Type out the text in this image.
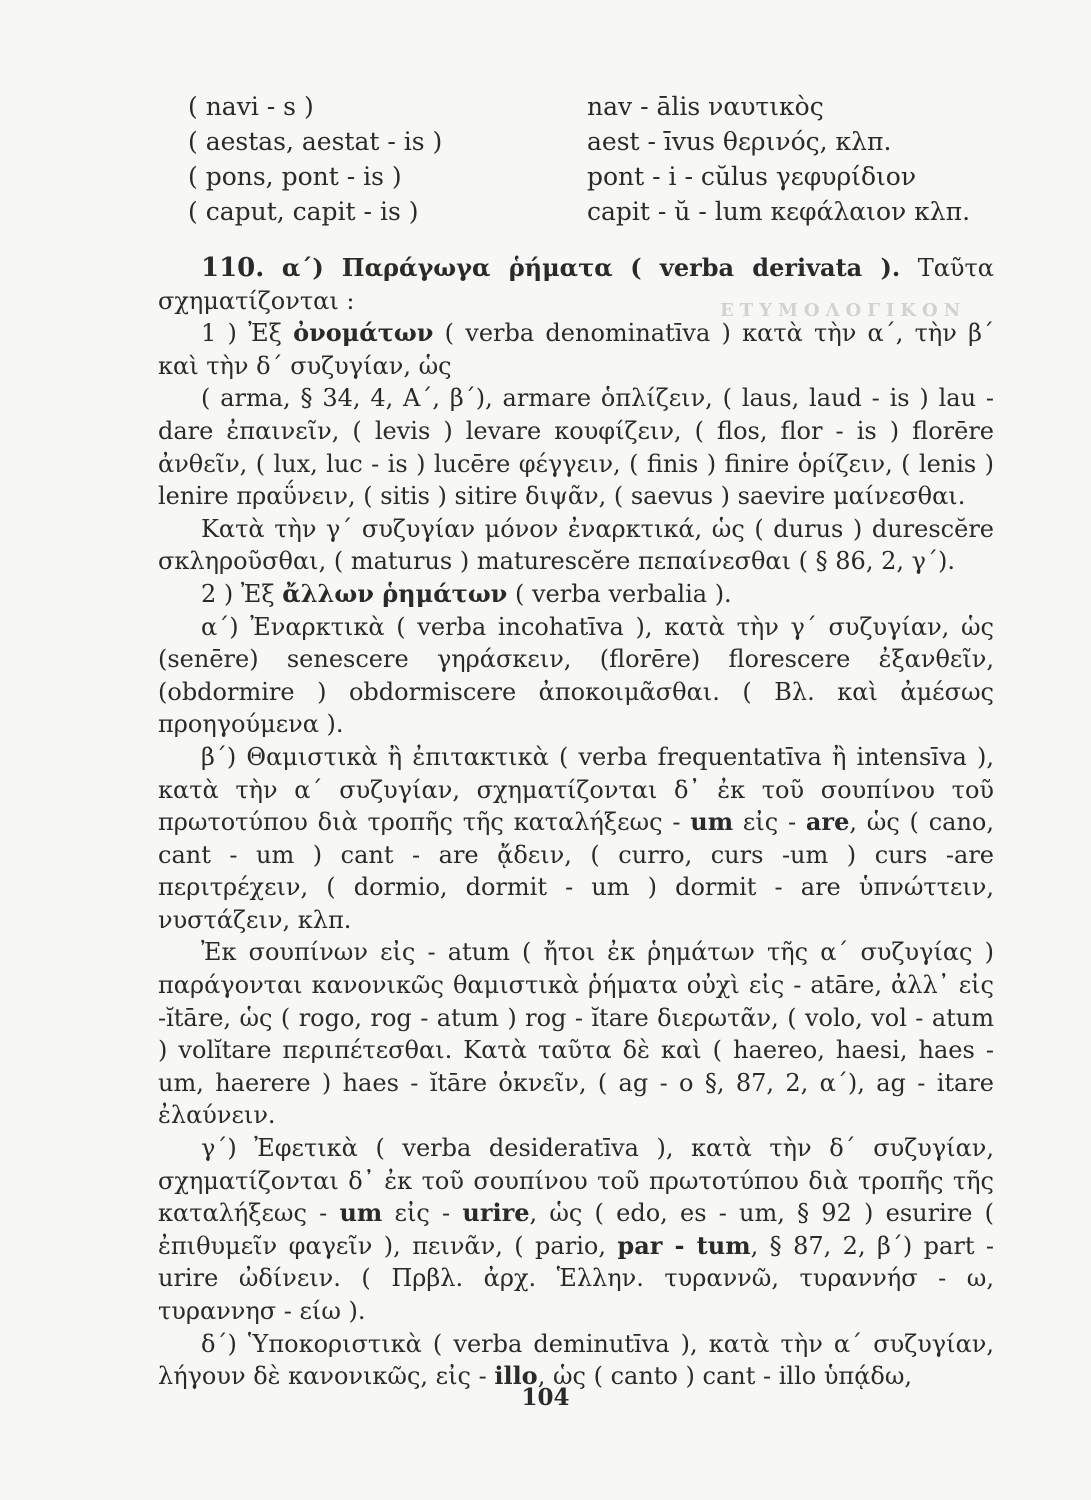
ΕΤΥΜΟΛΟΓΙΚΟΝ
( navi - s )	nav - ālis ναυτικὸς
( aestas, aestat - is )	aest - īvus θερινός, κλπ.
( pons, pont - is )	pont - i - cŭlus γεφυρίδιον
( caput, capit - is )	capit - ŭ - lum κεφάλαιον κλπ.

110. α΄) Παράγωγα ῥήματα ( verba derivata ). Ταῦτα σχηματίζονται :

1 ) Ἐξ ὀνομάτων ( verba denominatīva ) κατὰ τὴν α΄, τὴν β΄ καὶ τὴν δ΄ συζυγίαν, ὡς

( arma, § 34, 4, A΄, β΄), armare ὁπλίζειν, ( laus, laud - is ) lau - dare ἐπαινεῖν, ( levis ) levare κουφίζειν, ( flos, flor - is ) florēre ἀνθεῖν, ( lux, luc - is ) lucēre φέγγειν, ( finis ) finire ὁρίζειν, ( lenis ) lenire πραΰνειν, ( sitis ) sitire διψᾶν, ( saevus ) saevire μαίνεσθαι.

Κατὰ τὴν γ΄ συζυγίαν μόνον ἐναρκτικά, ὡς ( durus ) durescĕre σκληροῦσθαι, ( maturus ) maturescĕre πεπαίνεσθαι ( § 86, 2, γ΄).

2 ) Ἐξ ἄλλων ῥημάτων ( verba verbalia ).

α΄) Ἐναρκτικὰ ( verba incohatīva ), κατὰ τὴν γ΄ συζυγίαν, ὡς (senēre) senescere γηράσκειν, (florēre) florescere ἐξανθεῖν, (obdormire ) obdormiscere ἀποκοιμᾶσθαι. ( Βλ. καὶ ἀμέσως προηγούμενα ).

β΄) Θαμιστικὰ ἢ ἐπιτακτικὰ ( verba frequentatīva ἢ intensīva ), κατὰ τὴν α΄ συζυγίαν, σχηματίζονται δ᾽ ἐκ τοῦ σουπίνου τοῦ πρωτοτύπου διὰ τροπῆς τῆς καταλήξεως - um εἰς - are, ὡς ( cano, cant - um ) cant - are ᾄδειν, ( curro, curs -um ) curs -are περιτρέχειν, ( dormio, dormit - um ) dormit - are ὑπνώττειν, νυστάζειν, κλπ.

Ἐκ σουπίνων εἰς - atum ( ἤτοι ἐκ ῥημάτων τῆς α΄ συζυγίας ) παράγονται κανονικῶς θαμιστικὰ ῥήματα οὐχὶ εἰς - atāre, ἀλλ᾽ εἰς -ĭtāre, ὡς ( rogo, rog - atum ) rog - ĭtare διερωτᾶν, ( volo, vol - atum ) volĭtare περιπέτεσθαι. Κατὰ ταῦτα δὲ καὶ ( haereo, haesi, haes - um, haerere ) haes - ĭtāre ὀκνεῖν, ( ag - o §, 87, 2, α΄), ag - itare ἐλαύνειν.

γ΄) Ἐφετικὰ ( verba desideratīva ), κατὰ τὴν δ΄ συζυγίαν, σχηματίζονται δ᾽ ἐκ τοῦ σουπίνου τοῦ πρωτοτύπου διὰ τροπῆς τῆς καταλήξεως - um εἰς - urire, ὡς ( edo, es - um, § 92 ) esurire ( ἐπιθυμεῖν φαγεῖν ), πεινᾶν, ( pario, par - tum, § 87, 2, β΄) part - urire ὠδίνειν. ( Πρβλ. ἀρχ. Ἑλλην. τυραννῶ, τυραννήσ - ω, τυραννησ - είω ).

δ΄) Ὑποκοριστικὰ ( verba deminutīva ), κατὰ τὴν α΄ συζυγίαν, λήγουν δὲ κανονικῶς, εἰς - illo, ὡς ( canto ) cant - illo ὑπᾴδω,

104
